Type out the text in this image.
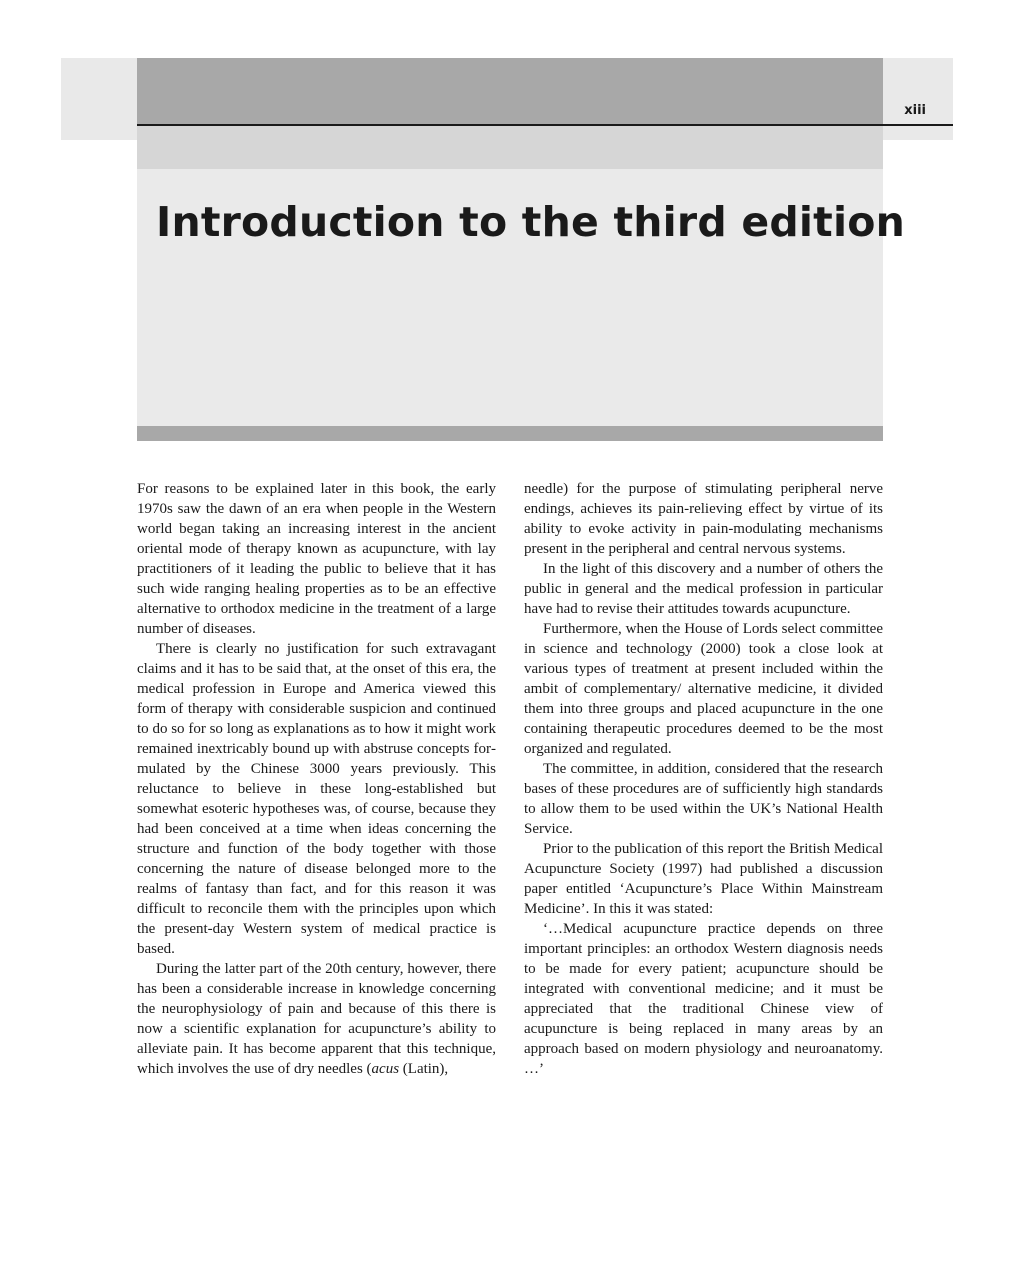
xiii
Introduction to the third edition

For reasons to be explained later in this book, the early 1970s saw the dawn of an era when people in the Western world began taking an increasing interest in the ancient oriental mode of therapy known as acupuncture, with lay practitioners of it leading the public to believe that it has such wide ranging healing properties as to be an effective alternative to orthodox medicine in the treatment of a large number of diseases.

There is clearly no justification for such extravagant claims and it has to be said that, at the onset of this era, the medical profession in Europe and America viewed this form of therapy with considerable suspicion and continued to do so for so long as explanations as to how it might work remained inextricably bound up with abstruse concepts formulated by the Chinese 3000 years previously. This reluctance to believe in these long-established but somewhat esoteric hypotheses was, of course, because they had been conceived at a time when ideas concerning the structure and function of the body together with those concerning the nature of disease belonged more to the realms of fantasy than fact, and for this reason it was difficult to reconcile them with the principles upon which the present-day Western system of medical practice is based.

During the latter part of the 20th century, however, there has been a considerable increase in knowledge concerning the neurophysiology of pain and because of this there is now a scientific explanation for acupuncture’s ability to alleviate pain. It has become apparent that this technique, which involves the use of dry needles (acus (Latin),

needle) for the purpose of stimulating peripheral nerve endings, achieves its pain-relieving effect by virtue of its ability to evoke activity in pain-modulating mechanisms present in the peripheral and central nervous systems.

In the light of this discovery and a number of others the public in general and the medical profession in particular have had to revise their attitudes towards acupuncture.

Furthermore, when the House of Lords select committee in science and technology (2000) took a close look at various types of treatment at present included within the ambit of complementary/ alternative medicine, it divided them into three groups and placed acupuncture in the one containing therapeutic procedures deemed to be the most organized and regulated.

The committee, in addition, considered that the research bases of these procedures are of sufficiently high standards to allow them to be used within the UK’s National Health Service.

Prior to the publication of this report the British Medical Acupuncture Society (1997) had published a discussion paper entitled ‘Acupuncture’s Place Within Mainstream Medicine’. In this it was stated:

‘…Medical acupuncture practice depends on three important principles: an orthodox Western diagnosis needs to be made for every patient; acupuncture should be integrated with conventional medicine; and it must be appreciated that the traditional Chinese view of acupuncture is being replaced in many areas by an approach based on modern physiology and neuroanatomy. …’
